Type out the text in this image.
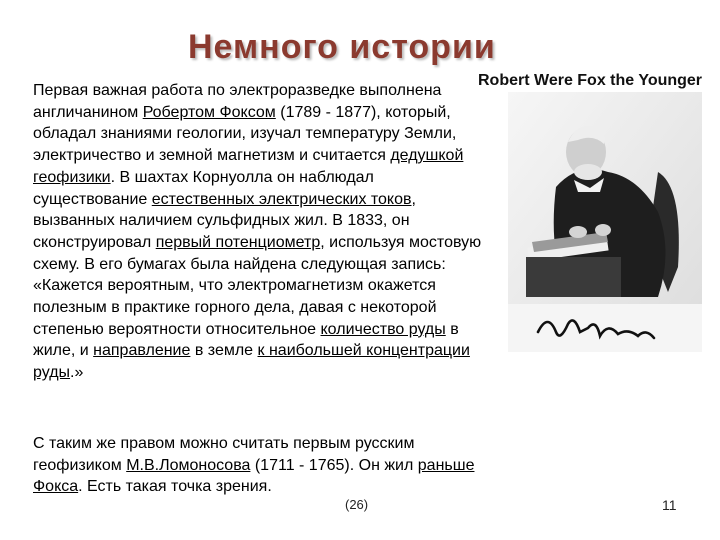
Немного истории
Robert Were Fox the Younger

Первая важная работа по электроразведке выполнена англичанином Робертом Фоксом (1789 - 1877), который, обладал знаниями геологии, изучал температуру Земли, электричество и земной магнетизм и считается дедушкой геофизики. В шахтах Корнуолла он наблюдал существование естественных электрических токов, вызванных наличием сульфидных жил. В 1833, он сконструировал первый потенциометр, используя мостовую схему. В его бумагах была найдена следующая запись: «Кажется вероятным, что электромагнетизм окажется полезным в практике горного дела, давая с некоторой степенью вероятности относительное количество руды в жиле, и направление в земле к наибольшей концентрации руды.»

С таким же правом можно считать первым русским геофизиком М.В.Ломоносова (1711 - 1765). Он жил раньше Фокса. Есть такая точка зрения.

(26)	11
